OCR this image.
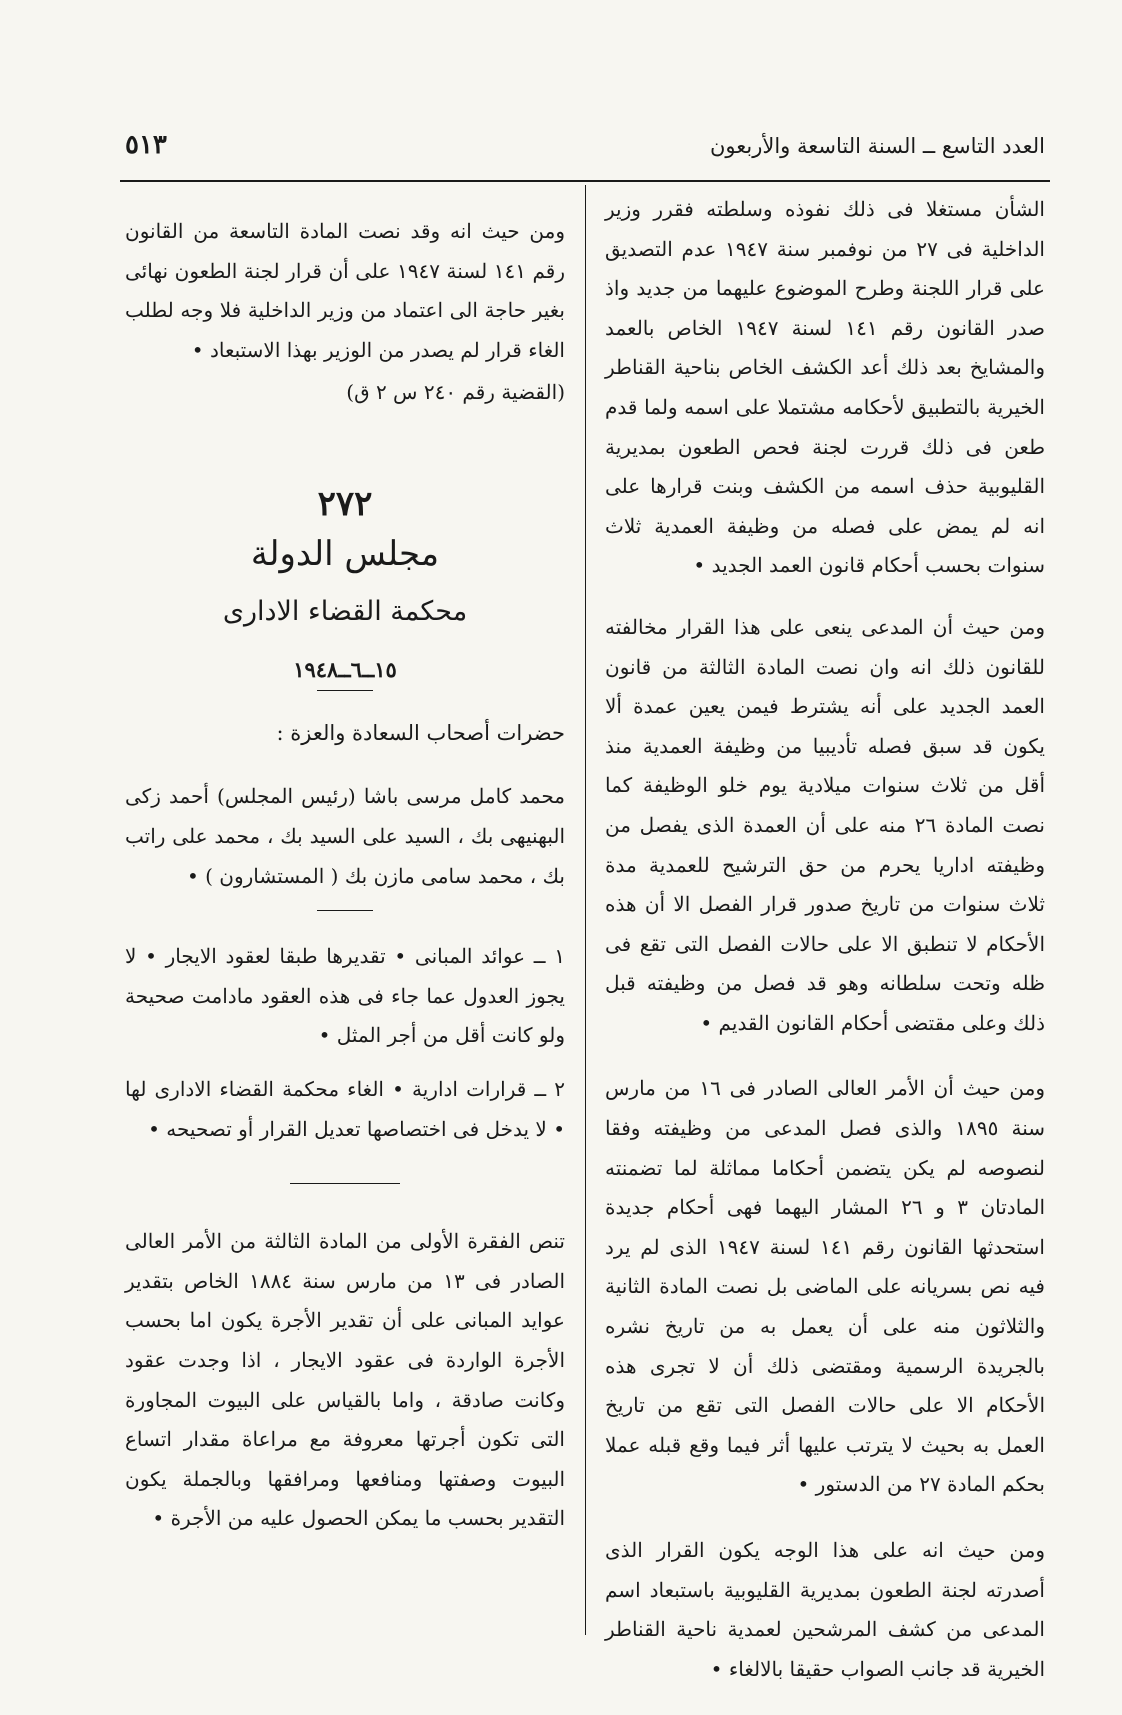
العدد التاسع ــ السنة التاسعة والأربعون
٥١٣

الشأن مستغلا فى ذلك نفوذه وسلطته فقرر وزير الداخلية فى ٢٧ من نوفمبر سنة ١٩٤٧ عدم التصديق على قرار اللجنة وطرح الموضوع عليهما من جديد واذ صدر القانون رقم ١٤١ لسنة ١٩٤٧ الخاص بالعمد والمشايخ بعد ذلك أعد الكشف الخاص بناحية القناطر الخيرية بالتطبيق لأحكامه مشتملا على اسمه ولما قدم طعن فى ذلك قررت لجنة فحص الطعون بمديرية القليوبية حذف اسمه من الكشف وبنت قرارها على انه لم يمض على فصله من وظيفة العمدية ثلاث سنوات بحسب أحكام قانون العمد الجديد •

ومن حيث أن المدعى ينعى على هذا القرار مخالفته للقانون ذلك انه وان نصت المادة الثالثة من قانون العمد الجديد على أنه يشترط فيمن يعين عمدة ألا يكون قد سبق فصله تأديبيا من وظيفة العمدية منذ أقل من ثلاث سنوات ميلادية يوم خلو الوظيفة كما نصت المادة ٢٦ منه على أن العمدة الذى يفصل من وظيفته اداريا يحرم من حق الترشيح للعمدية مدة ثلاث سنوات من تاريخ صدور قرار الفصل الا أن هذه الأحكام لا تنطبق الا على حالات الفصل التى تقع فى ظله وتحت سلطانه وهو قد فصل من وظيفته قبل ذلك وعلى مقتضى أحكام القانون القديم •

ومن حيث أن الأمر العالى الصادر فى ١٦ من مارس سنة ١٨٩٥ والذى فصل المدعى من وظيفته وفقا لنصوصه لم يكن يتضمن أحكاما مماثلة لما تضمنته المادتان ٣ و ٢٦ المشار اليهما فهى أحكام جديدة استحدثها القانون رقم ١٤١ لسنة ١٩٤٧ الذى لم يرد فيه نص بسريانه على الماضى بل نصت المادة الثانية والثلاثون منه على أن يعمل به من تاريخ نشره بالجريدة الرسمية ومقتضى ذلك أن لا تجرى هذه الأحكام الا على حالات الفصل التى تقع من تاريخ العمل به بحيث لا يترتب عليها أثر فيما وقع قبله عملا بحكم المادة ٢٧ من الدستور •

ومن حيث انه على هذا الوجه يكون القرار الذى أصدرته لجنة الطعون بمديرية القليوبية باستبعاد اسم المدعى من كشف المرشحين لعمدية ناحية القناطر الخيرية قد جانب الصواب حقيقا بالالغاء •

ومن حيث انه وقد نصت المادة التاسعة من القانون رقم ١٤١ لسنة ١٩٤٧ على أن قرار لجنة الطعون نهائى بغير حاجة الى اعتماد من وزير الداخلية فلا وجه لطلب الغاء قرار لم يصدر من الوزير بهذا الاستبعاد •

(القضية رقم ٢٤٠ س ٢ ق)
٢٧٢
مجلس الدولة
محكمة القضاء الادارى
١٥ــ٦ــ١٩٤٨
حضرات أصحاب السعادة والعزة :

محمد كامل مرسى باشا (رئيس المجلس) أحمد زكى البهنيهى بك ، السيد على السيد بك ، محمد على راتب بك ، محمد سامى مازن بك ( المستشارون ) •

١ ــ عوائد المبانى • تقديرها طبقا لعقود الايجار • لا يجوز العدول عما جاء فى هذه العقود مادامت صحيحة ولو كانت أقل من أجر المثل •

٢ ــ قرارات ادارية • الغاء محكمة القضاء الادارى لها • لا يدخل فى اختصاصها تعديل القرار أو تصحيحه •

تنص الفقرة الأولى من المادة الثالثة من الأمر العالى الصادر فى ١٣ من مارس سنة ١٨٨٤ الخاص بتقدير عوايد المبانى على أن تقدير الأجرة يكون اما بحسب الأجرة الواردة فى عقود الايجار ، اذا وجدت عقود وكانت صادقة ، واما بالقياس على البيوت المجاورة التى تكون أجرتها معروفة مع مراعاة مقدار اتساع البيوت وصفتها ومنافعها ومرافقها وبالجملة يكون التقدير بحسب ما يمكن الحصول عليه من الأجرة •
